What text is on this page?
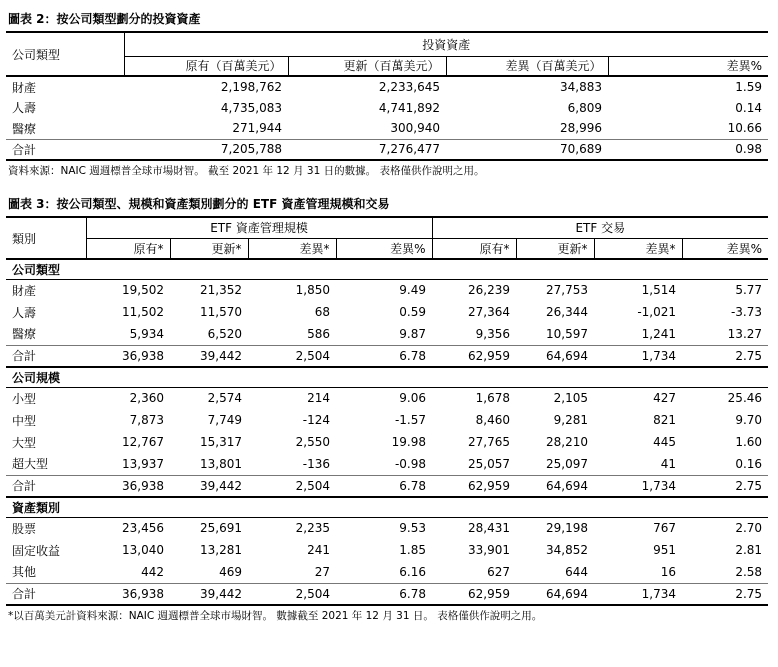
圖表 2：按公司類型劃分的投資資產
公司類型	投資資產			
	原有（百萬美元）	更新（百萬美元）	差異（百萬美元）	差異%
財產	2,198,762	2,233,645	34,883	1.59
人壽	4,735,083	4,741,892	6,809	0.14
醫療	271,944	300,940	28,996	10.66
合計	7,205,788	7,276,477	70,689	0.98
資料來源：NAIC 週週標普全球市場財智。 截至 2021 年 12 月 31 日的數據。 表格僅供作說明之用。
圖表 3：按公司類型、規模和資產類別劃分的 ETF 資產管理規模和交易
類別	ETF 資產管理規模				ETF 交易			
	原有*	更新*	差異*	差異%	原有*	更新*	差異*	差異%
公司類型								
財產	19,502	21,352	1,850	9.49	26,239	27,753	1,514	5.77
人壽	11,502	11,570	68	0.59	27,364	26,344	-1,021	-3.73
醫療	5,934	6,520	586	9.87	9,356	10,597	1,241	13.27
合計	36,938	39,442	2,504	6.78	62,959	64,694	1,734	2.75
公司規模								
小型	2,360	2,574	214	9.06	1,678	2,105	427	25.46
中型	7,873	7,749	-124	-1.57	8,460	9,281	821	9.70
大型	12,767	15,317	2,550	19.98	27,765	28,210	445	1.60
超大型	13,937	13,801	-136	-0.98	25,057	25,097	41	0.16
合計	36,938	39,442	2,504	6.78	62,959	64,694	1,734	2.75
資產類別								
股票	23,456	25,691	2,235	9.53	28,431	29,198	767	2.70
固定收益	13,040	13,281	241	1.85	33,901	34,852	951	2.81
其他	442	469	27	6.16	627	644	16	2.58
合計	36,938	39,442	2,504	6.78	62,959	64,694	1,734	2.75
*以百萬美元計資料來源：NAIC 週週標普全球市場財智。 數據截至 2021 年 12 月 31 日。 表格僅供作說明之用。
